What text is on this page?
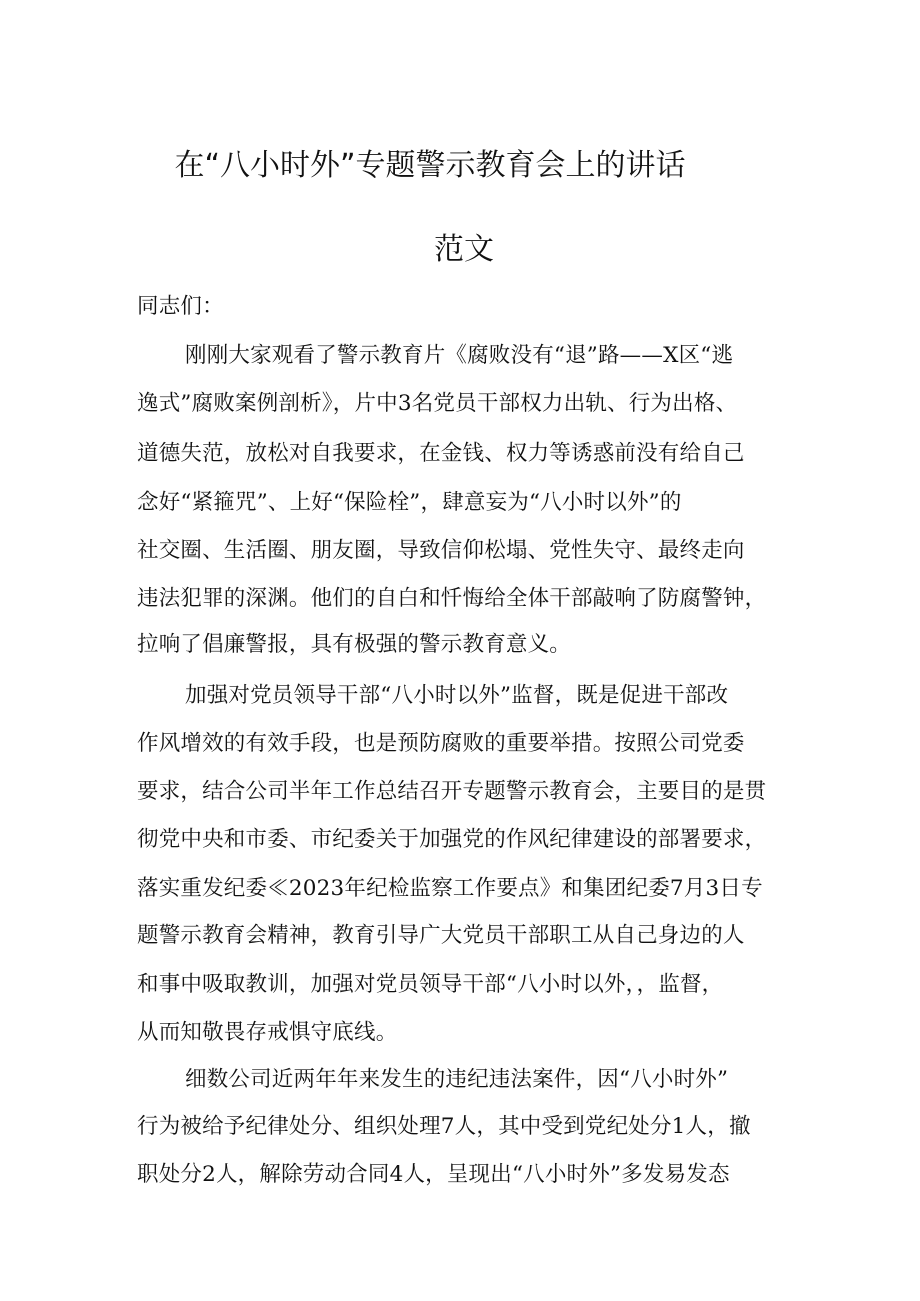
在“八小时外”专题警示教育会上的讲话
范文
同志们：
刚刚大家观看了警示教育片《腐败没有“退”路——X区“逃
逸式”腐败案例剖析》，片中3名党员干部权力出轨、行为出格、
道德失范，放松对自我要求，在金钱、权力等诱惑前没有给自己
念好“紧箍咒”、上好“保险栓”，肆意妄为“八小时以外”的
社交圈、生活圈、朋友圈，导致信仰松塌、党性失守、最终走向
违法犯罪的深渊。他们的自白和忏悔给全体干部敲响了防腐警钟，
拉响了倡廉警报，具有极强的警示教育意义。
加强对党员领导干部“八小时以外”监督，既是促进干部改
作风增效的有效手段，也是预防腐败的重要举措。按照公司党委
要求，结合公司半年工作总结召开专题警示教育会，主要目的是贯
彻党中央和市委、市纪委关于加强党的作风纪律建设的部署要求，
落实重发纪委≪2023年纪检监察工作要点》和集团纪委7月3日专
题警示教育会精神，教育引导广大党员干部职工从自己身边的人
和事中吸取教训，加强对党员领导干部“八小时以外，，监督，
从而知敬畏存戒惧守底线。
细数公司近两年年来发生的违纪违法案件，因“八小时外”
行为被给予纪律处分、组织处理7人，其中受到党纪处分1人，撤
职处分2人，解除劳动合同4人，呈现出“八小时外”多发易发态
